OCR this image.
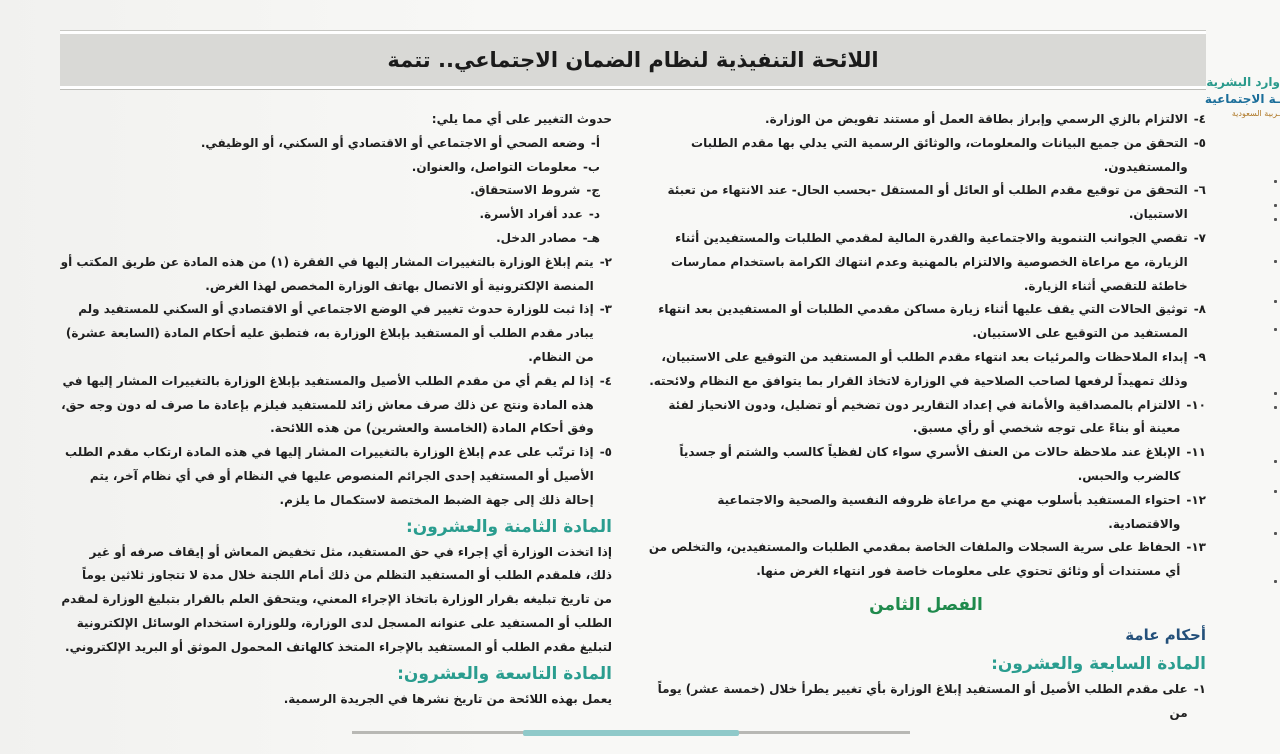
اللائحة التنفيذية لنظام الضمان الاجتماعي.. تتمة
وارد البشرية
ـة الاجتماعية
ـربية السعودية
٤-
الالتزام بالزي الرسمي وإبراز بطاقة العمل أو مستند تفويض من الوزارة.
٥-
التحقق من جميع البيانات والمعلومات، والوثائق الرسمية التي يدلي بها مقدم الطلبات والمستفيدون.
٦-
التحقق من توقيع مقدم الطلب أو العائل أو المستقل -بحسب الحال- عند الانتهاء من تعبئة الاستبيان.
٧-
تقصي الجوانب التنموية والاجتماعية والقدرة المالية لمقدمي الطلبات والمستفيدين أثناء الزيارة، مع مراعاة الخصوصية والالتزام بالمهنية وعدم انتهاك الكرامة باستخدام ممارسات خاطئة للتقصي أثناء الزيارة.
٨-
توثيق الحالات التي يقف عليها أثناء زيارة مساكن مقدمي الطلبات أو المستفيدين بعد انتهاء المستفيد من التوقيع على الاستبيان.
٩-
إبداء الملاحظات والمرئيات بعد انتهاء مقدم الطلب أو المستفيد من التوقيع على الاستبيان، وذلك تمهيداً لرفعها لصاحب الصلاحية في الوزارة لاتخاذ القرار بما يتوافق مع النظام ولائحته.
١٠-
الالتزام بالمصداقية والأمانة في إعداد التقارير دون تضخيم أو تضليل، ودون الانحياز لفئة معينة أو بناءً على توجه شخصي أو رأي مسبق.
١١-
الإبلاغ عند ملاحظة حالات من العنف الأسري سواء كان لفظياً كالسب والشتم أو جسدياً كالضرب والحبس.
١٢-
احتواء المستفيد بأسلوب مهني مع مراعاة ظروفه النفسية والصحية والاجتماعية والاقتصادية.
١٣-
الحفاظ على سرية السجلات والملفات الخاصة بمقدمي الطلبات والمستفيدين، والتخلص من أي مستندات أو وثائق تحتوي على معلومات خاصة فور انتهاء الغرض منها.
الفصل الثامن
أحكام عامة
المادة السابعة والعشرون:
١-
على مقدم الطلب الأصيل أو المستفيد إبلاغ الوزارة بأي تغيير يطرأ خلال (خمسة عشر) يوماً من
حدوث التغيير على أي مما يلي:
أ-
وضعه الصحي أو الاجتماعي أو الاقتصادي أو السكني، أو الوظيفي.
ب-
معلومات التواصل، والعنوان.
ج-
شروط الاستحقاق.
د-
عدد أفراد الأسرة.
هـ-
مصادر الدخل.
٢-
يتم إبلاغ الوزارة بالتغييرات المشار إليها في الفقرة (١) من هذه المادة عن طريق المكتب أو المنصة الإلكترونية أو الاتصال بهاتف الوزارة المخصص لهذا الغرض.
٣-
إذا ثبت للوزارة حدوث تغيير في الوضع الاجتماعي أو الاقتصادي أو السكني للمستفيد ولم يبادر مقدم الطلب أو المستفيد بإبلاغ الوزارة به، فتطبق عليه أحكام المادة (السابعة عشرة) من النظام.
٤-
إذا لم يقم أي من مقدم الطلب الأصيل والمستفيد بإبلاغ الوزارة بالتغييرات المشار إليها في هذه المادة ونتج عن ذلك صرف معاش زائد للمستفيد فيلزم بإعادة ما صرف له دون وجه حق، وفق أحكام المادة (الخامسة والعشرين) من هذه اللائحة.
٥-
إذا ترتّب على عدم إبلاغ الوزارة بالتغييرات المشار إليها في هذه المادة ارتكاب مقدم الطلب الأصيل أو المستفيد إحدى الجرائم المنصوص عليها في النظام أو في أي نظام آخر، يتم إحالة ذلك إلى جهة الضبط المختصة لاستكمال ما يلزم.
المادة الثامنة والعشرون:
إذا اتخذت الوزارة أي إجراء في حق المستفيد، مثل تخفيض المعاش أو إيقاف صرفه أو غير ذلك، فلمقدم الطلب أو المستفيد التظلم من ذلك أمام اللجنة خلال مدة لا تتجاوز ثلاثين يوماً من تاريخ تبليغه بقرار الوزارة باتخاذ الإجراء المعني، ويتحقق العلم بالقرار بتبليغ الوزارة لمقدم الطلب أو المستفيد على عنوانه المسجل لدى الوزارة، وللوزارة استخدام الوسائل الإلكترونية لتبليغ مقدم الطلب أو المستفيد بالإجراء المتخذ كالهاتف المحمول الموثق أو البريد الإلكتروني.
المادة التاسعة والعشرون:
يعمل بهذه اللائحة من تاريخ نشرها في الجريدة الرسمية.
